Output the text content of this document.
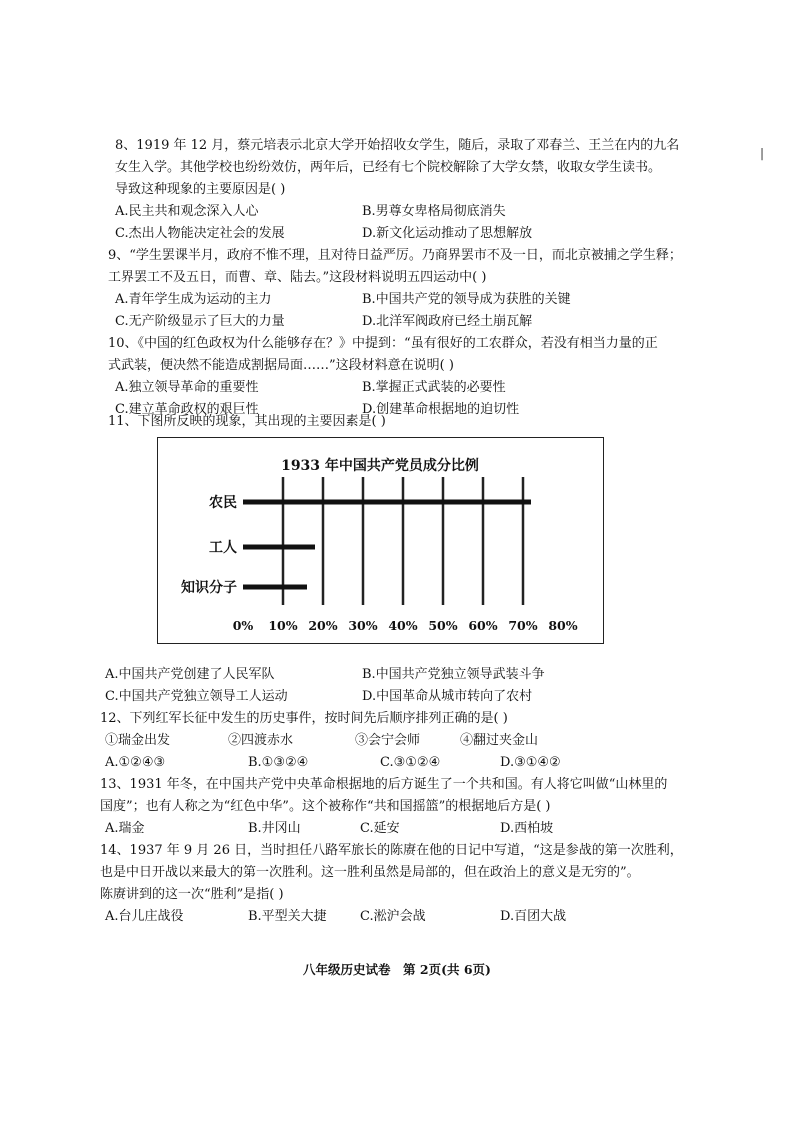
8、1919 年 12 月，蔡元培表示北京大学开始招收女学生，随后，录取了邓春兰、王兰在内的九名
女生入学。其他学校也纷纷效仿，两年后，已经有七个院校解除了大学女禁，收取女学生读书。
导致这种现象的主要原因是( )
A.民主共和观念深入人心	B.男尊女卑格局彻底消失
C.杰出人物能决定社会的发展	D.新文化运动推动了思想解放
9、“学生罢课半月，政府不惟不理，且对待日益严厉。乃商界罢市不及一日，而北京被捕之学生释；
工界罢工不及五日，而曹、章、陆去。”这段材料说明五四运动中( )
A.青年学生成为运动的主力	B.中国共产党的领导成为获胜的关键
C.无产阶级显示了巨大的力量	D.北洋军阀政府已经土崩瓦解
10、《中国的红色政权为什么能够存在？》中提到：“虽有很好的工农群众，若没有相当力量的正
式武装，便决然不能造成割据局面……”这段材料意在说明( )
A.独立领导革命的重要性	B.掌握正式武装的必要性
C.建立革命政权的艰巨性	D.创建革命根据地的迫切性
11、下图所反映的现象，其出现的主要因素是( )
1933 年中国共产党员成分比例
农民
工人
知识分子
0% 10% 20% 30% 40% 50% 60% 70% 80%
A.中国共产党创建了人民军队	B.中国共产党独立领导武装斗争
C.中国共产党独立领导工人运动	D.中国革命从城市转向了农村
12、下列红军长征中发生的历史事件，按时间先后顺序排列正确的是( )
①瑞金出发	②四渡赤水	③会宁会师	④翻过夹金山
A.①②④③	B.①③②④	C.③①②④	D.③①④②
13、1931 年冬，在中国共产党中央革命根据地的后方诞生了一个共和国。有人将它叫做“山林里的
国度”；也有人称之为“红色中华”。这个被称作“共和国摇篮”的根据地后方是( )
A.瑞金	B.井冈山	C.延安	D.西柏坡
14、1937 年 9 月 26 日，当时担任八路军旅长的陈赓在他的日记中写道，“这是参战的第一次胜利，
也是中日开战以来最大的第一次胜利。这一胜利虽然是局部的，但在政治上的意义是无穷的”。
陈赓讲到的这一次“胜利”是指( )
A.台儿庄战役	B.平型关大捷	C.淞沪会战	D.百团大战
八年级历史试卷　第 2页(共 6页)
|
